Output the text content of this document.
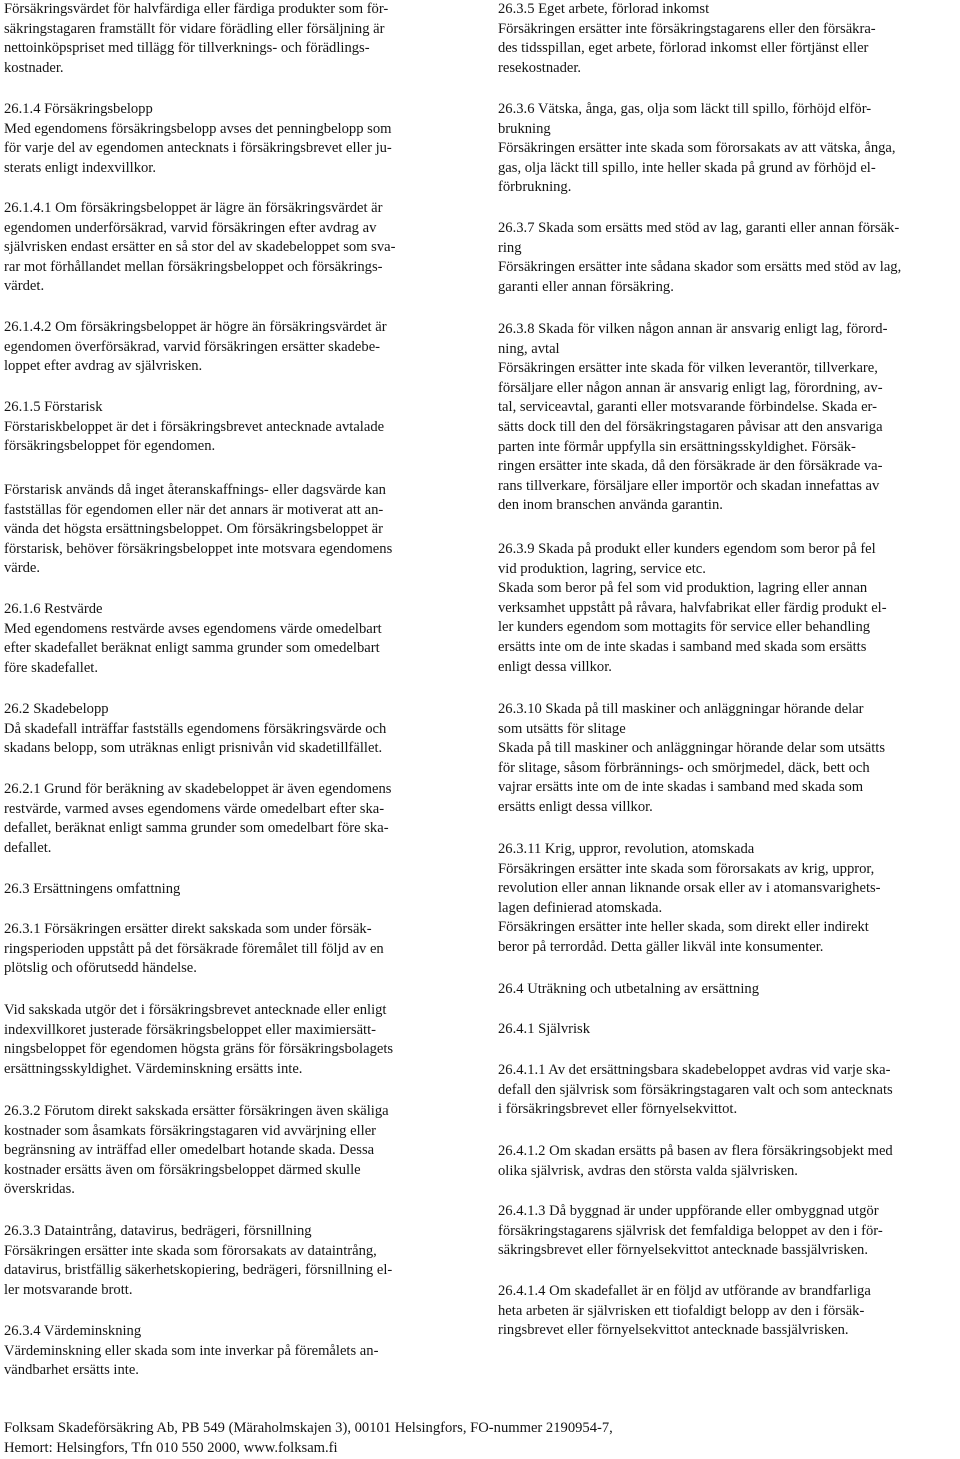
Försäkringsvärdet för halvfärdiga eller färdiga produkter som för-
säkringstagaren framställt för vidare förädling eller försäljning är
nettoinköpspriset med tillägg för tillverknings- och förädlings-
kostnader.

26.1.4 Försäkringsbelopp
Med egendomens försäkringsbelopp avses det penningbelopp som
för varje del av egendomen antecknats i försäkringsbrevet eller ju-
sterats enligt indexvillkor.

26.1.4.1 Om försäkringsbeloppet är lägre än försäkringsvärdet är
egendomen underförsäkrad, varvid försäkringen efter avdrag av
självrisken endast ersätter en så stor del av skadebeloppet som sva-
rar mot förhållandet mellan försäkringsbeloppet och försäkrings-
värdet.

26.1.4.2 Om försäkringsbeloppet är högre än försäkringsvärdet är
egendomen överförsäkrad, varvid försäkringen ersätter skadebe-
loppet efter avdrag av självrisken.

26.1.5 Förstarisk
Förstariskbeloppet är det i försäkringsbrevet antecknade avtalade
försäkringsbeloppet för egendomen.

Förstarisk används då inget återanskaffnings- eller dagsvärde kan
fastställas för egendomen eller när det annars är motiverat att an-
vända det högsta ersättningsbeloppet. Om försäkringsbeloppet är
förstarisk, behöver försäkringsbeloppet inte motsvara egendomens
värde.

26.1.6 Restvärde
Med egendomens restvärde avses egendomens värde omedelbart
efter skadefallet beräknat enligt samma grunder som omedelbart
före skadefallet.

26.2 Skadebelopp
Då skadefall inträffar fastställs egendomens försäkringsvärde och
skadans belopp, som uträknas enligt prisnivån vid skadetillfället.

26.2.1 Grund för beräkning av skadebeloppet är även egendomens
restvärde, varmed avses egendomens värde omedelbart efter ska-
defallet, beräknat enligt samma grunder som omedelbart före ska-
defallet.

26.3 Ersättningens omfattning

26.3.1 Försäkringen ersätter direkt sakskada som under försäk-
ringsperioden uppstått på det försäkrade föremålet till följd av en
plötslig och oförutsedd händelse.

Vid sakskada utgör det i försäkringsbrevet antecknade eller enligt
indexvillkoret justerade försäkringsbeloppet eller maximiersätt-
ningsbeloppet för egendomen högsta gräns för försäkringsbolagets
ersättningsskyldighet. Värdeminskning ersätts inte.

26.3.2 Förutom direkt sakskada ersätter försäkringen även skäliga
kostnader som åsamkats försäkringstagaren vid avvärjning eller
begränsning av inträffad eller omedelbart hotande skada. Dessa
kostnader ersätts även om försäkringsbeloppet därmed skulle
överskridas.

26.3.3 Dataintrång, datavirus, bedrägeri, försnillning
Försäkringen ersätter inte skada som förorsakats av dataintrång,
datavirus, bristfällig säkerhetskopiering, bedrägeri, försnillning el-
ler motsvarande brott.

26.3.4 Värdeminskning
Värdeminskning eller skada som inte inverkar på föremålets an-
vändbarhet ersätts inte.

26.3.5 Eget arbete, förlorad inkomst
Försäkringen ersätter inte försäkringstagarens eller den försäkra-
des tidsspillan, eget arbete, förlorad inkomst eller förtjänst eller
resekostnader.

26.3.6 Vätska, ånga, gas, olja som läckt till spillo, förhöjd elför-
brukning
Försäkringen ersätter inte skada som förorsakats av att vätska, ånga,
gas, olja läckt till spillo, inte heller skada på grund av förhöjd el-
förbrukning.

26.3.7 Skada som ersätts med stöd av lag, garanti eller annan försäk-
ring
Försäkringen ersätter inte sådana skador som ersätts med stöd av lag,
garanti eller annan försäkring.

26.3.8 Skada för vilken någon annan är ansvarig enligt lag, förord-
ning, avtal
Försäkringen ersätter inte skada för vilken leverantör, tillverkare,
försäljare eller någon annan är ansvarig enligt lag, förordning, av-
tal, serviceavtal, garanti eller motsvarande förbindelse. Skada er-
sätts dock till den del försäkringstagaren påvisar att den ansvariga
parten inte förmår uppfylla sin ersättningsskyldighet. Försäk-
ringen ersätter inte skada, då den försäkrade är den försäkrade va-
rans tillverkare, försäljare eller importör och skadan innefattas av
den inom branschen använda garantin.

26.3.9 Skada på produkt eller kunders egendom som beror på fel
vid produktion, lagring, service etc.
Skada som beror på fel som vid produktion, lagring eller annan
verksamhet uppstått på råvara, halvfabrikat eller färdig produkt el-
ler kunders egendom som mottagits för service eller behandling
ersätts inte om de inte skadas i samband med skada som ersätts
enligt dessa villkor.

26.3.10 Skada på till maskiner och anläggningar hörande delar
som utsätts för slitage
Skada på till maskiner och anläggningar hörande delar som utsätts
för slitage, såsom förbrännings- och smörjmedel, däck, bett och
vajrar ersätts inte om de inte skadas i samband med skada som
ersätts enligt dessa villkor.

26.3.11 Krig, uppror, revolution, atomskada
Försäkringen ersätter inte skada som förorsakats av krig, uppror,
revolution eller annan liknande orsak eller av i atomansvarighets-
lagen definierad atomskada.
Försäkringen ersätter inte heller skada, som direkt eller indirekt
beror på terrordåd. Detta gäller likväl inte konsumenter.

26.4 Uträkning och utbetalning av ersättning

26.4.1 Självrisk

26.4.1.1 Av det ersättningsbara skadebeloppet avdras vid varje ska-
defall den självrisk som försäkringstagaren valt och som antecknats
i försäkringsbrevet eller förnyelsekvittot.

26.4.1.2 Om skadan ersätts på basen av flera försäkringsobjekt med
olika självrisk, avdras den största valda självrisken.

26.4.1.3 Då byggnad är under uppförande eller ombyggnad utgör
försäkringstagarens självrisk det femfaldiga beloppet av den i för-
säkringsbrevet eller förnyelsekvittot antecknade bassjälvrisken.

26.4.1.4 Om skadefallet är en följd av utförande av brandfarliga
heta arbeten är självrisken ett tiofaldigt belopp av den i försäk-
ringsbrevet eller förnyelsekvittot antecknade bassjälvrisken.

Folksam Skadeförsäkring Ab, PB 549 (Märaholmskajen 3), 00101 Helsingfors, FO-nummer 2190954-7,
Hemort: Helsingfors, Tfn 010 550 2000, www.folksam.fi
